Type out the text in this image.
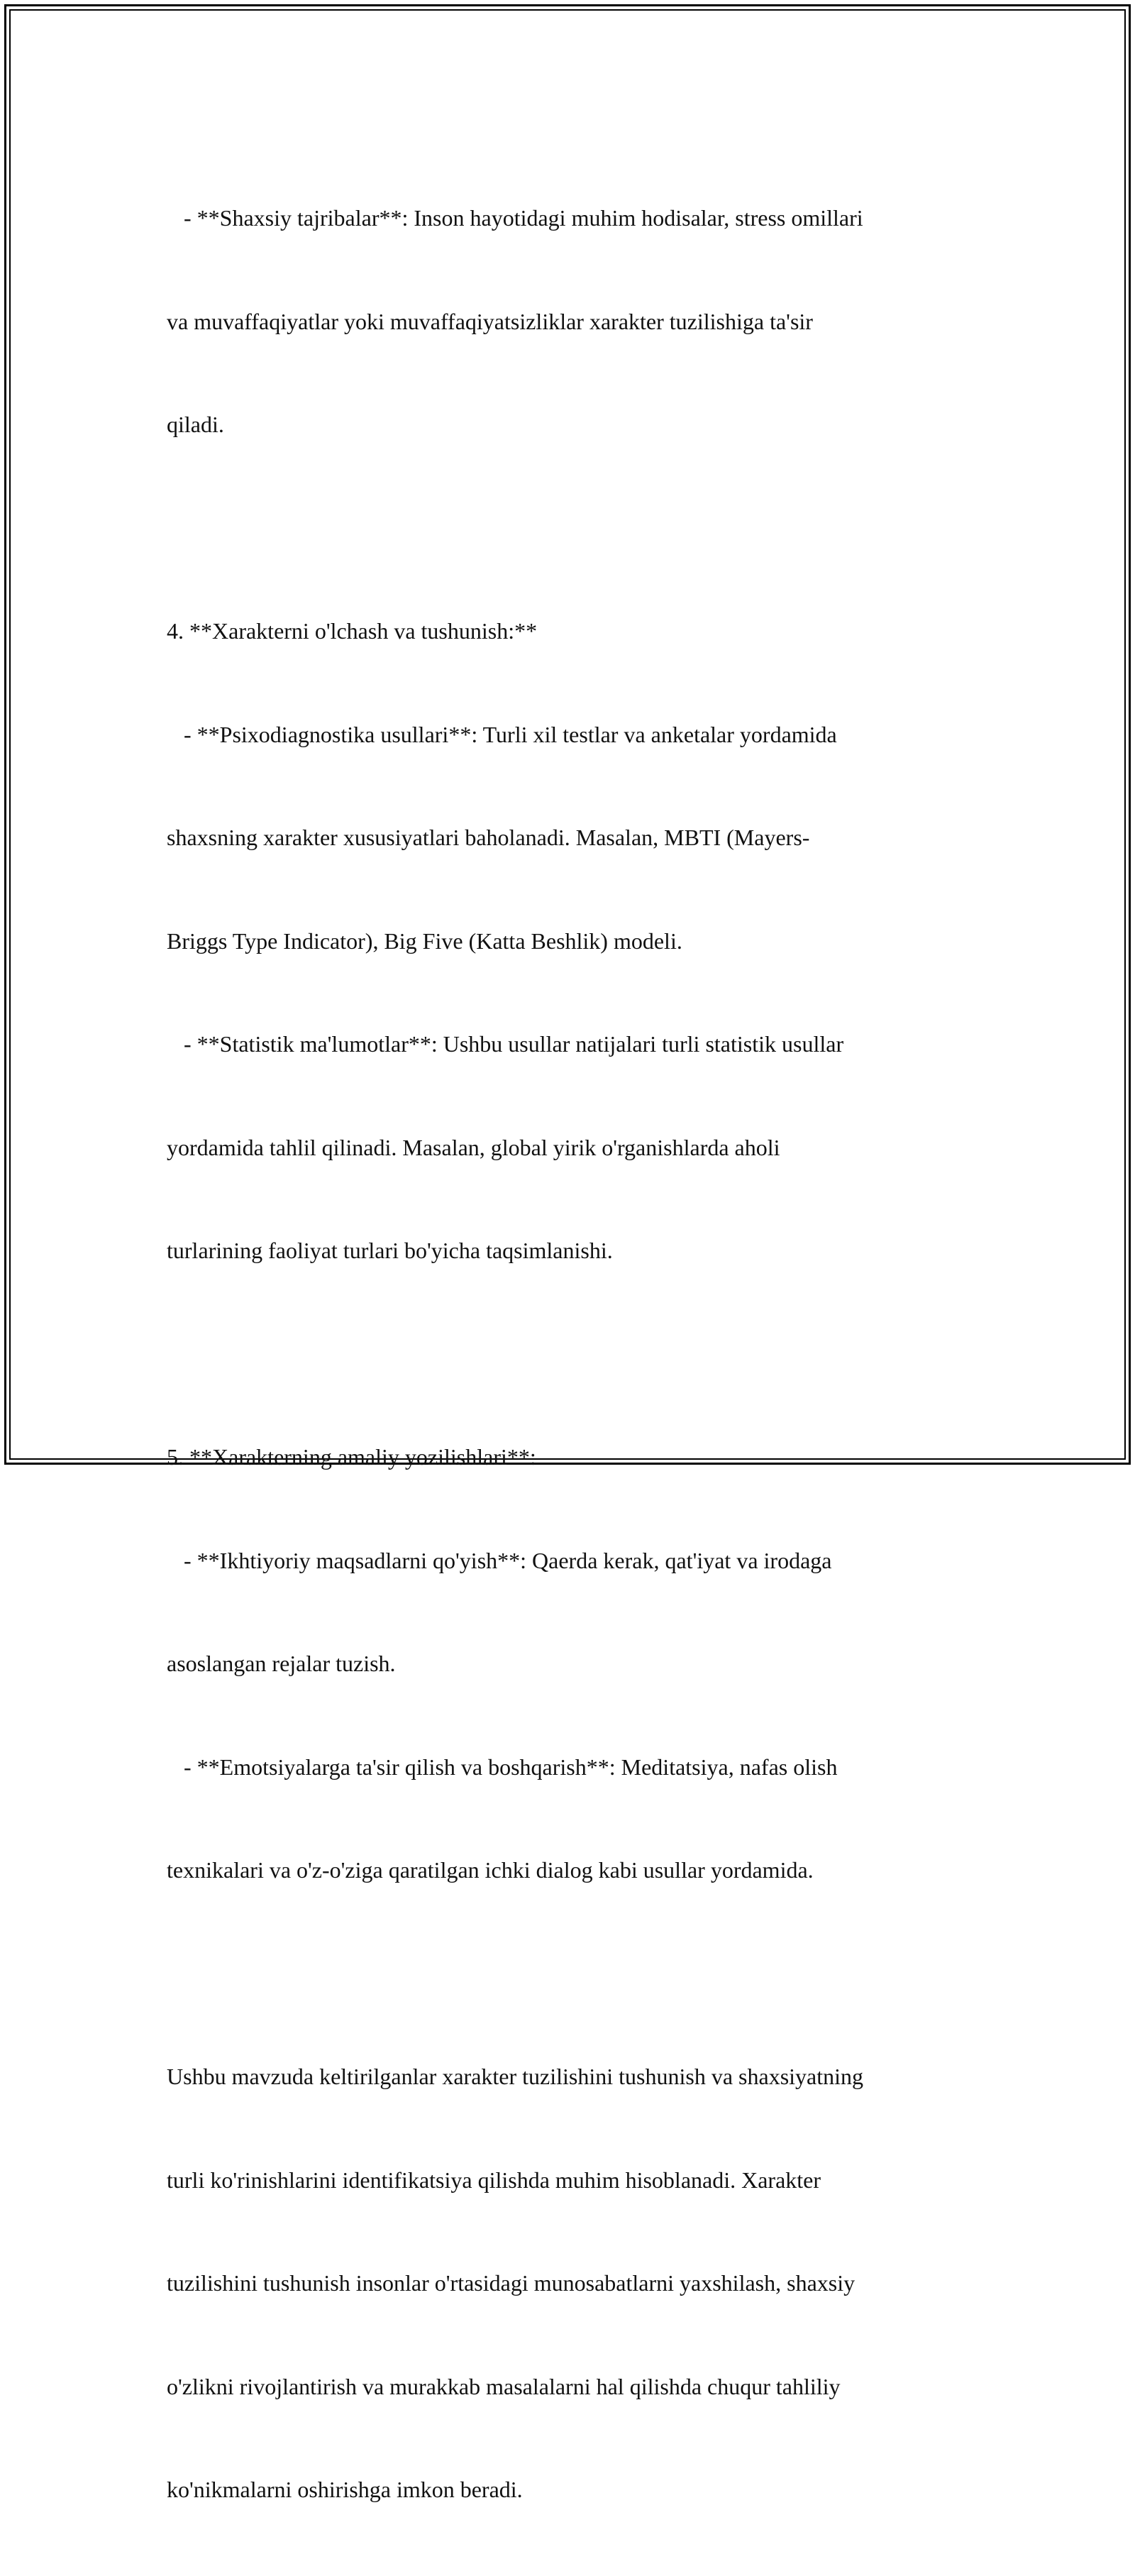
- **Shaxsiy tajribalar**: Inson hayotidagi muhim hodisalar, stress omillari

va muvaffaqiyatlar yoki muvaffaqiyatsizliklar xarakter tuzilishiga ta'sir

qiladi.

4. **Xarakterni o'lchash va tushunish:**

- **Psixodiagnostika usullari**: Turli xil testlar va anketalar yordamida

shaxsning xarakter xususiyatlari baholanadi. Masalan, MBTI (Mayers-

Briggs Type Indicator), Big Five (Katta Beshlik) modeli.

- **Statistik ma'lumotlar**: Ushbu usullar natijalari turli statistik usullar

yordamida tahlil qilinadi. Masalan, global yirik o'rganishlarda aholi

turlarining faoliyat turlari bo'yicha taqsimlanishi.

5. **Xarakterning amaliy yozilishlari**:

- **Ikhtiyoriy maqsadlarni qo'yish**: Qaerda kerak, qat'iyat va irodaga

asoslangan rejalar tuzish.

- **Emotsiyalarga ta'sir qilish va boshqarish**: Meditatsiya, nafas olish

texnikalari va o'z-o'ziga qaratilgan ichki dialog kabi usullar yordamida.

Ushbu mavzuda keltirilganlar xarakter tuzilishini tushunish va shaxsiyatning

turli ko'rinishlarini identifikatsiya qilishda muhim hisoblanadi. Xarakter

tuzilishini tushunish insonlar o'rtasidagi munosabatlarni yaxshilash, shaxsiy

o'zlikni rivojlantirish va murakkab masalalarni hal qilishda chuqur tahliliy

ko'nikmalarni oshirishga imkon beradi.
